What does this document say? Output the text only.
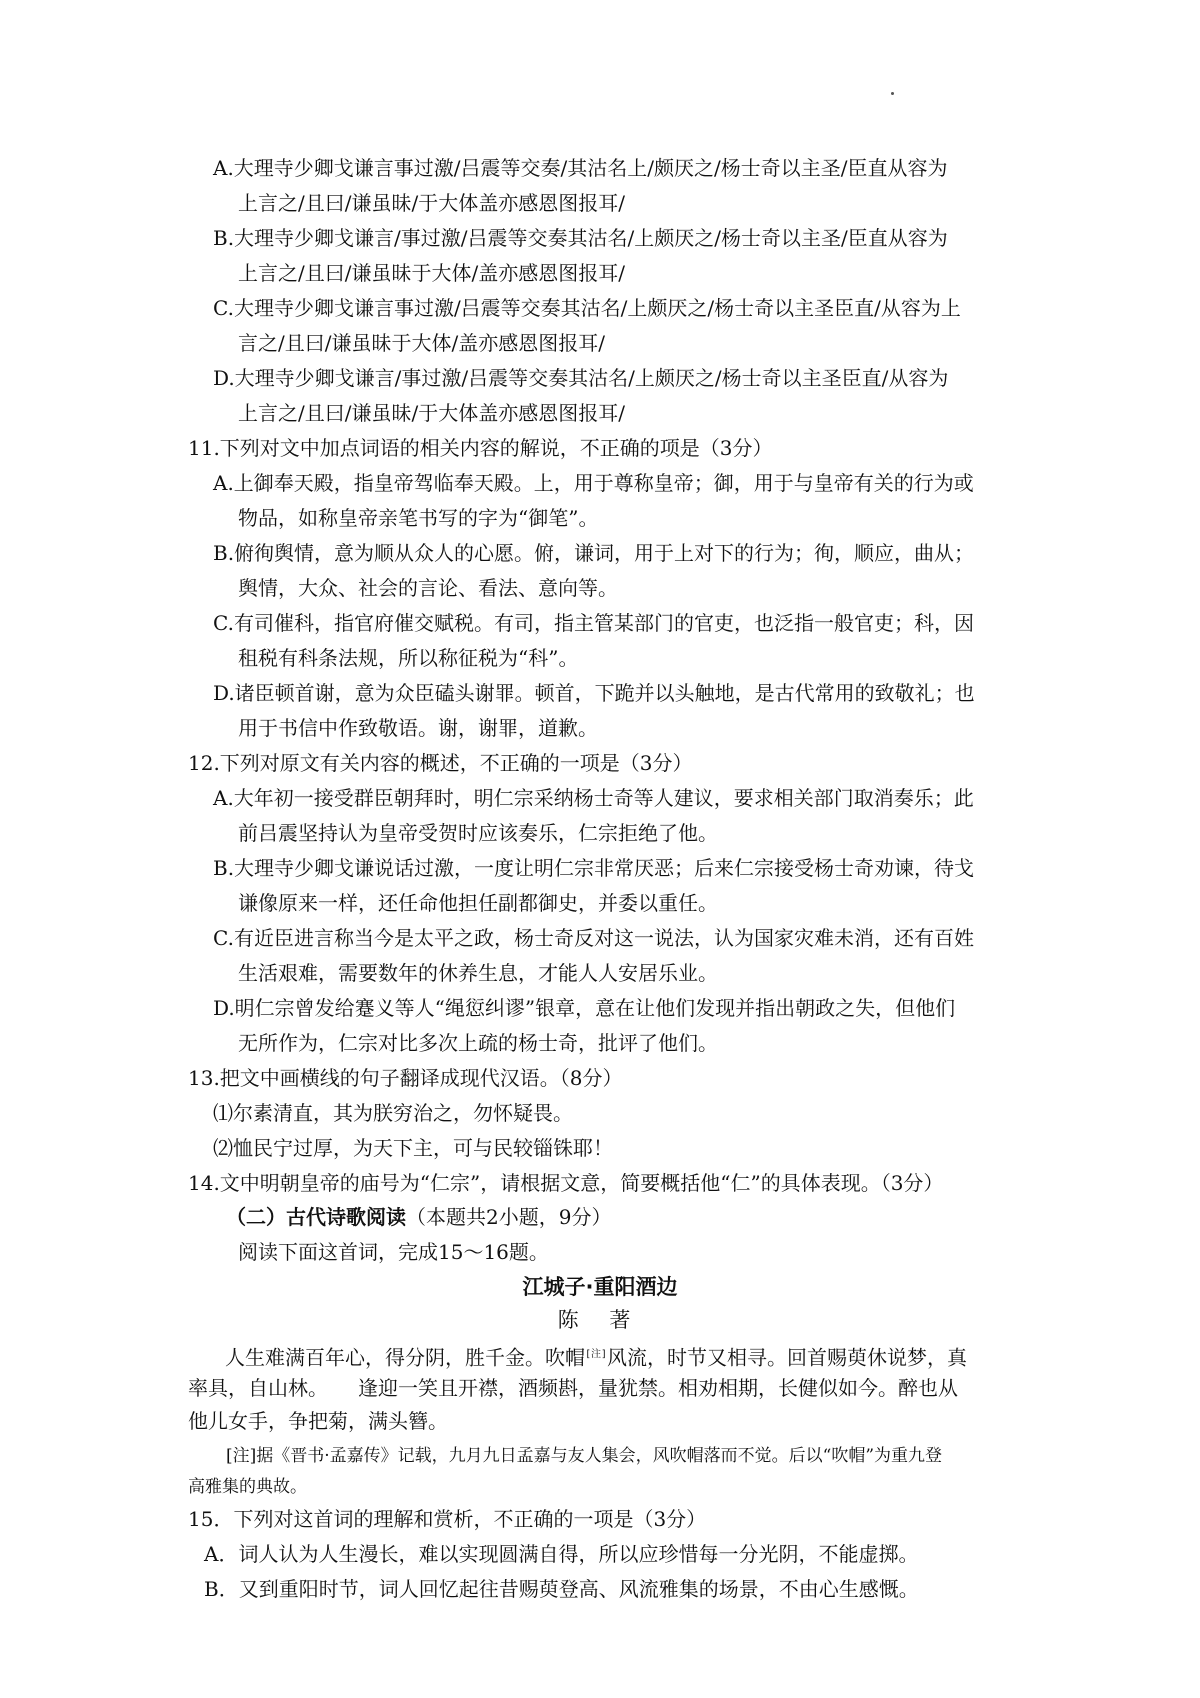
A.大理寺少卿戈谦言事过激/吕震等交奏/其沽名上/颇厌之/杨士奇以主圣/臣直从容为
上言之/且曰/谦虽昧/于大体盖亦感恩图报耳/
B.大理寺少卿戈谦言/事过激/吕震等交奏其沽名/上颇厌之/杨士奇以主圣/臣直从容为
上言之/且曰/谦虽昧于大体/盖亦感恩图报耳/
C.大理寺少卿戈谦言事过激/吕震等交奏其沽名/上颇厌之/杨士奇以主圣臣直/从容为上
言之/且曰/谦虽昧于大体/盖亦感恩图报耳/
D.大理寺少卿戈谦言/事过激/吕震等交奏其沽名/上颇厌之/杨士奇以主圣臣直/从容为
上言之/且曰/谦虽昧/于大体盖亦感恩图报耳/
11.下列对文中加点词语的相关内容的解说，不正确的项是（3分）
A.上御奉天殿，指皇帝驾临奉天殿。上，用于尊称皇帝；御，用于与皇帝有关的行为或
物品，如称皇帝亲笔书写的字为“御笔”。
B.俯徇舆情，意为顺从众人的心愿。俯，谦词，用于上对下的行为；徇，顺应，曲从；
舆情，大众、社会的言论、看法、意向等。
C.有司催科，指官府催交赋税。有司，指主管某部门的官吏，也泛指一般官吏；科，因
租税有科条法规，所以称征税为“科”。
D.诸臣顿首谢，意为众臣磕头谢罪。顿首，下跪并以头触地，是古代常用的致敬礼；也
用于书信中作致敬语。谢，谢罪，道歉。
12.下列对原文有关内容的概述，不正确的一项是（3分）
A.大年初一接受群臣朝拜时，明仁宗采纳杨士奇等人建议，要求相关部门取消奏乐；此
前吕震坚持认为皇帝受贺时应该奏乐，仁宗拒绝了他。
B.大理寺少卿戈谦说话过激，一度让明仁宗非常厌恶；后来仁宗接受杨士奇劝谏，待戈
谦像原来一样，还任命他担任副都御史，并委以重任。
C.有近臣进言称当今是太平之政，杨士奇反对这一说法，认为国家灾难未消，还有百姓
生活艰难，需要数年的休养生息，才能人人安居乐业。
D.明仁宗曾发给蹇义等人“绳愆纠谬”银章，意在让他们发现并指出朝政之失，但他们
无所作为，仁宗对比多次上疏的杨士奇，批评了他们。
13.把文中画横线的句子翻译成现代汉语。（8分）
⑴尔素清直，其为朕穷治之，勿怀疑畏。
⑵恤民宁过厚，为天下主，可与民较锱铢耶！
14.文中明朝皇帝的庙号为“仁宗”，请根据文意，简要概括他“仁”的具体表现。（3分）
（二）古代诗歌阅读（本题共2小题，9分）
阅读下面这首词，完成15～16题。
江城子·重阳酒边
陈 著
人生难满百年心，得分阴，胜千金。吹帽[注]风流，时节又相寻。回首赐萸休说梦，真
率具，自山林。　　逢迎一笑且开襟，酒频斟，量犹禁。相劝相期，长健似如今。醉也从
他儿女手，争把菊，满头簪。
[注]据《晋书·孟嘉传》记载，九月九日孟嘉与友人集会，风吹帽落而不觉。后以“吹帽”为重九登
高雅集的典故。
15．下列对这首词的理解和赏析，不正确的一项是（3分）
A．词人认为人生漫长，难以实现圆满自得，所以应珍惜每一分光阴，不能虚掷。
B．又到重阳时节，词人回忆起往昔赐萸登高、风流雅集的场景，不由心生感慨。
